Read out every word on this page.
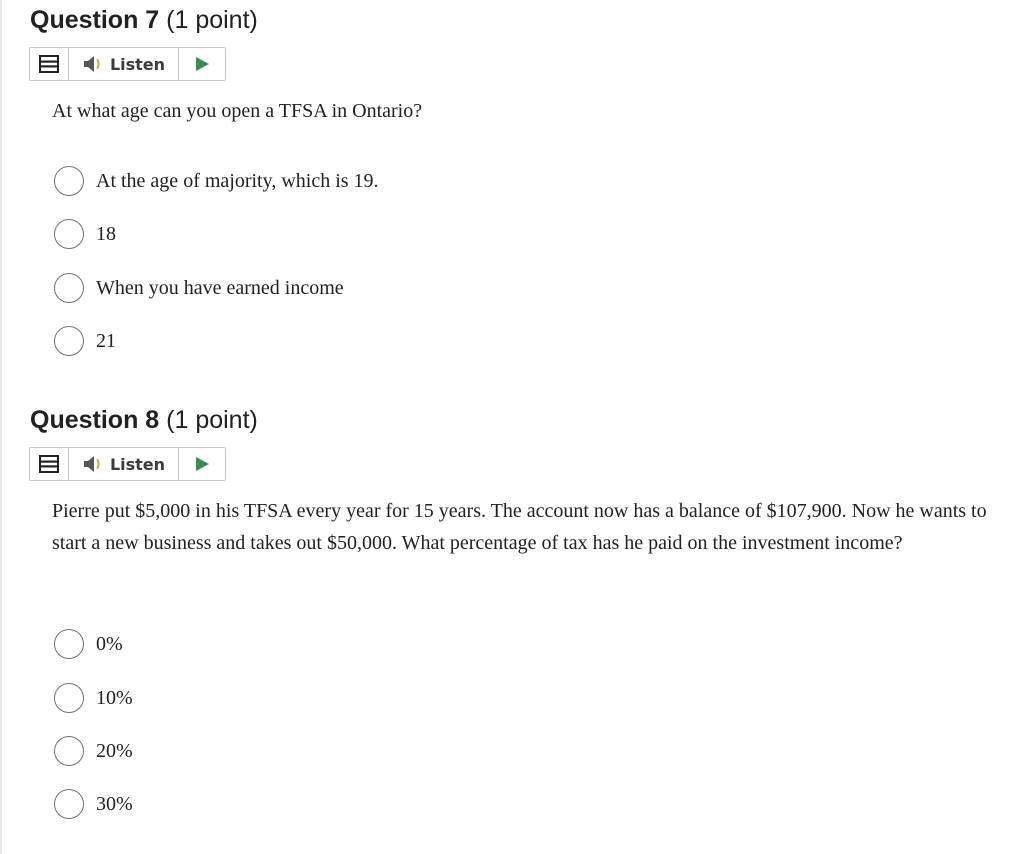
Question 7 (1 point)
Listen

At what age can you open a TFSA in Ontario?

At the age of majority, which is 19.
18
When you have earned income
21
Question 8 (1 point)
Listen

Pierre put $5,000 in his TFSA every year for 15 years. The account now has a balance of $107,900. Now he wants to start a new business and takes out $50,000. What percentage of tax has he paid on the investment income?

0%
10%
20%
30%
